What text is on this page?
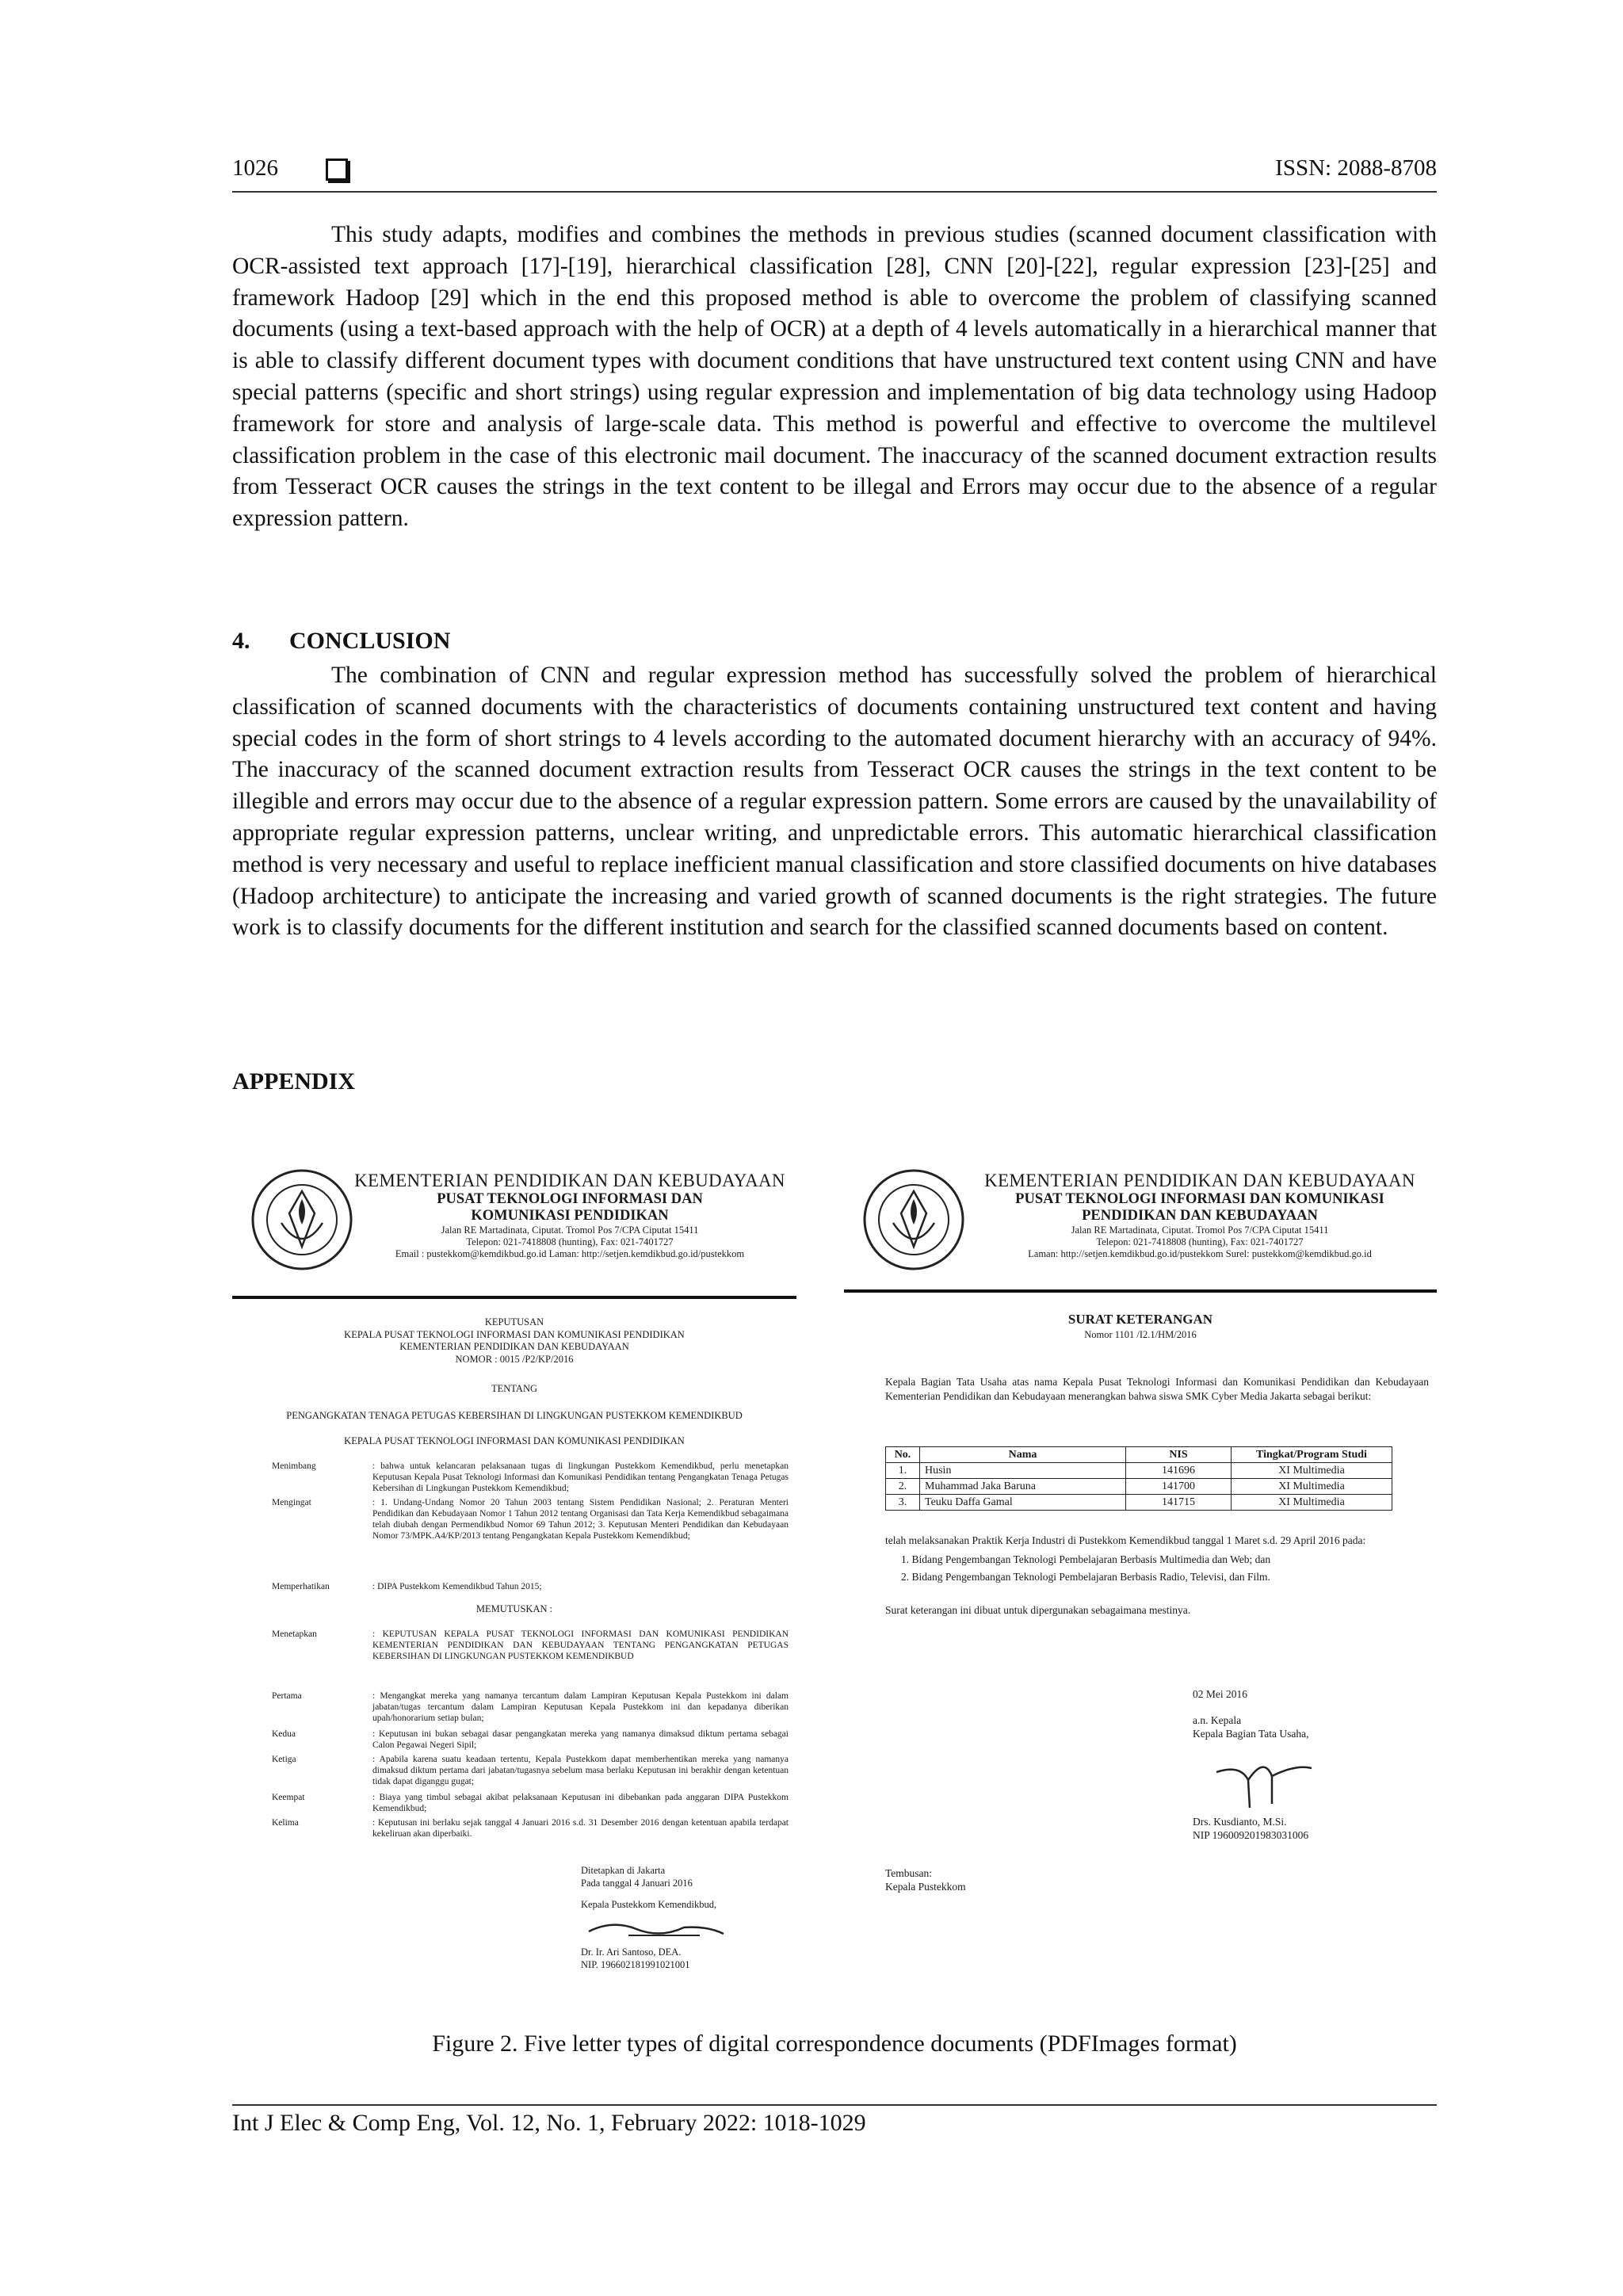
1026	ISSN: 2088-8708

This study adapts, modifies and combines the methods in previous studies (scanned document classification with OCR-assisted text approach [17]-[19], hierarchical classification [28], CNN [20]-[22], regular expression [23]-[25] and framework Hadoop [29] which in the end this proposed method is able to overcome the problem of classifying scanned documents (using a text-based approach with the help of OCR) at a depth of 4 levels automatically in a hierarchical manner that is able to classify different document types with document conditions that have unstructured text content using CNN and have special patterns (specific and short strings) using regular expression and implementation of big data technology using Hadoop framework for store and analysis of large-scale data. This method is powerful and effective to overcome the multilevel classification problem in the case of this electronic mail document. The inaccuracy of the scanned document extraction results from Tesseract OCR causes the strings in the text content to be illegal and Errors may occur due to the absence of a regular expression pattern.

4. CONCLUSION

The combination of CNN and regular expression method has successfully solved the problem of hierarchical classification of scanned documents with the characteristics of documents containing unstructured text content and having special codes in the form of short strings to 4 levels according to the automated document hierarchy with an accuracy of 94%. The inaccuracy of the scanned document extraction results from Tesseract OCR causes the strings in the text content to be illegible and errors may occur due to the absence of a regular expression pattern. Some errors are caused by the unavailability of appropriate regular expression patterns, unclear writing, and unpredictable errors. This automatic hierarchical classification method is very necessary and useful to replace inefficient manual classification and store classified documents on hive databases (Hadoop architecture) to anticipate the increasing and varied growth of scanned documents is the right strategies. The future work is to classify documents for the different institution and search for the classified scanned documents based on content.

APPENDIX
KEMENTERIAN PENDIDIKAN DAN KEBUDAYAAN
PUSAT TEKNOLOGI INFORMASI DAN
KOMUNIKASI PENDIDIKAN
Jalan RE Martadinata, Ciputat. Tromol Pos 7/CPA Ciputat 15411
Telepon: 021-7418808 (hunting), Fax: 021-7401727
Email : pustekkom@kemdikbud.go.id Laman: http://setjen.kemdikbud.go.id/pustekkom
KEPUTUSAN
KEPALA PUSAT TEKNOLOGI INFORMASI DAN KOMUNIKASI PENDIDIKAN
KEMENTERIAN PENDIDIKAN DAN KEBUDAYAAN
NOMOR : 0015 /P2/KP/2016
TENTANG
PENGANGKATAN TENAGA PETUGAS KEBERSIHAN DI LINGKUNGAN PUSTEKKOM KEMENDIKBUD
KEPALA PUSAT TEKNOLOGI INFORMASI DAN KOMUNIKASI PENDIDIKAN
Menimbang	: bahwa untuk kelancaran pelaksanaan tugas di lingkungan Pustekkom Kemendikbud, perlu menetapkan Keputusan Kepala Pusat Teknologi Informasi dan Komunikasi Pendidikan tentang Pengangkatan Tenaga Petugas Kebersihan di Lingkungan Pustekkom Kemendikbud;
Mengingat	: 1. Undang-Undang Nomor 20 Tahun 2003 tentang Sistem Pendidikan Nasional; 2. Peraturan Menteri Pendidikan dan Kebudayaan Nomor 1 Tahun 2012 tentang Organisasi dan Tata Kerja Kemendikbud sebagaimana telah diubah dengan Permendikbud Nomor 69 Tahun 2012; 3. Keputusan Menteri Pendidikan dan Kebudayaan Nomor 73/MPK.A4/KP/2013 tentang Pengangkatan Kepala Pustekkom Kemendikbud;
Memperhatikan	: DIPA Pustekkom Kemendikbud Tahun 2015;
MEMUTUSKAN :
Menetapkan	: KEPUTUSAN KEPALA PUSAT TEKNOLOGI INFORMASI DAN KOMUNIKASI PENDIDIKAN KEMENTERIAN PENDIDIKAN DAN KEBUDAYAAN TENTANG PENGANGKATAN PETUGAS KEBERSIHAN DI LINGKUNGAN PUSTEKKOM KEMENDIKBUD
Pertama	: Mengangkat mereka yang namanya tercantum dalam Lampiran Keputusan Kepala Pustekkom ini dalam jabatan/tugas tercantum dalam Lampiran Keputusan Kepala Pustekkom ini dan kepadanya diberikan upah/honorarium setiap bulan;
Kedua	: Keputusan ini bukan sebagai dasar pengangkatan mereka yang namanya dimaksud diktum pertama sebagai Calon Pegawai Negeri Sipil;
Ketiga	: Apabila karena suatu keadaan tertentu, Kepala Pustekkom dapat memberhentikan mereka yang namanya dimaksud diktum pertama dari jabatan/tugasnya sebelum masa berlaku Keputusan ini berakhir dengan ketentuan tidak dapat diganggu gugat;
Keempat	: Biaya yang timbul sebagai akibat pelaksanaan Keputusan ini dibebankan pada anggaran DIPA Pustekkom Kemendikbud;
Kelima	: Keputusan ini berlaku sejak tanggal 4 Januari 2016 s.d. 31 Desember 2016 dengan ketentuan apabila terdapat kekeliruan akan diperbaiki.
Ditetapkan di Jakarta
Pada tanggal 4 Januari 2016
Kepala Pustekkom Kemendikbud,
Dr. Ir. Ari Santoso, DEA.
NIP. 196602181991021001
KEMENTERIAN PENDIDIKAN DAN KEBUDAYAAN
PUSAT TEKNOLOGI INFORMASI DAN KOMUNIKASI
PENDIDIKAN DAN KEBUDAYAAN
Jalan RE Martadinata, Ciputat. Tromol Pos 7/CPA Ciputat 15411
Telepon: 021-7418808 (hunting), Fax: 021-7401727
Laman: http://setjen.kemdikbud.go.id/pustekkom Surel: pustekkom@kemdikbud.go.id
SURAT KETERANGAN
Nomor 1101 /I2.1/HM/2016
Kepala Bagian Tata Usaha atas nama Kepala Pusat Teknologi Informasi dan Komunikasi Pendidikan dan Kebudayaan Kementerian Pendidikan dan Kebudayaan menerangkan bahwa siswa SMK Cyber Media Jakarta sebagai berikut:
No.	Nama	NIS	Tingkat/Program Studi
1.	Husin	141696	XI Multimedia
2.	Muhammad Jaka Baruna	141700	XI Multimedia
3.	Teuku Daffa Gamal	141715	XI Multimedia
telah melaksanakan Praktik Kerja Industri di Pustekkom Kemendikbud tanggal 1 Maret s.d. 29 April 2016 pada:
1. Bidang Pengembangan Teknologi Pembelajaran Berbasis Multimedia dan Web; dan
2. Bidang Pengembangan Teknologi Pembelajaran Berbasis Radio, Televisi, dan Film.
Surat keterangan ini dibuat untuk dipergunakan sebagaimana mestinya.
02 Mei 2016
a.n. Kepala
Kepala Bagian Tata Usaha,
Drs. Kusdianto, M.Si.
NIP 196009201983031006
Tembusan:
Kepala Pustekkom
Figure 2. Five letter types of digital correspondence documents (PDFImages format)
Int J Elec & Comp Eng, Vol. 12, No. 1, February 2022: 1018-1029
